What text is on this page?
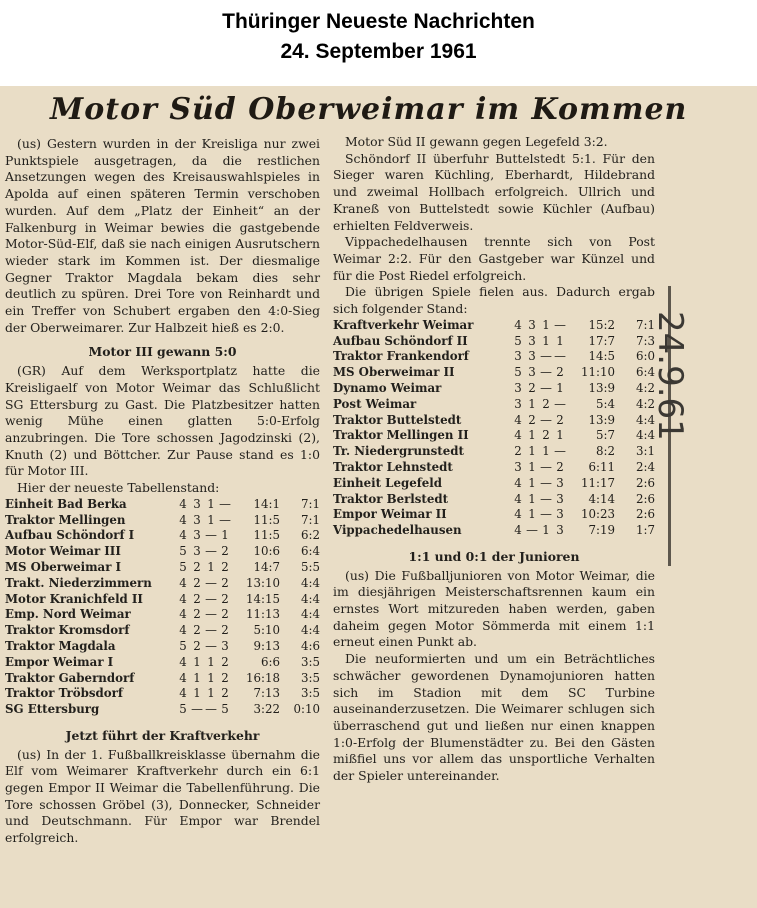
Thüringer Neueste Nachrichten
24. September 1961
Motor Süd Oberweimar im Kommen

(us) Gestern wurden in der Kreisliga nur zwei Punktspiele ausgetragen, da die restlichen Ansetzungen wegen des Kreisauswahlspieles in Apolda auf einen späteren Termin verschoben wurden. Auf dem „Platz der Einheit“ an der Falkenburg in Weimar bewies die gastgebende Motor-Süd-Elf, daß sie nach einigen Ausrutschern wieder stark im Kommen ist. Der diesmalige Gegner Traktor Magdala bekam dies sehr deutlich zu spüren. Drei Tore von Reinhardt und ein Treffer von Schubert ergaben den 4:0-Sieg der Oberweimarer. Zur Halbzeit hieß es 2:0.

Motor III gewann 5:0

(GR) Auf dem Werksportplatz hatte die Kreisligaelf von Motor Weimar das Schlußlicht SG Ettersburg zu Gast. Die Platzbesitzer hatten wenig Mühe einen glatten 5:0-Erfolg anzubringen. Die Tore schossen Jagodzinski (2), Knuth (2) und Böttcher. Zur Pause stand es 1:0 für Motor III.

Hier der neueste Tabellenstand:

Einheit Bad Berka	4	3	1	—	14:1	7:1
Traktor Mellingen	4	3	1	—	11:5	7:1
Aufbau Schöndorf I	4	3	—	1	11:5	6:2
Motor Weimar III	5	3	—	2	10:6	6:4
MS Oberweimar I	5	2	1	2	14:7	5:5
Trakt. Niederzimmern	4	2	—	2	13:10	4:4
Motor Kranichfeld II	4	2	—	2	14:15	4:4
Emp. Nord Weimar	4	2	—	2	11:13	4:4
Traktor Kromsdorf	4	2	—	2	5:10	4:4
Traktor Magdala	5	2	—	3	9:13	4:6
Empor Weimar I	4	1	1	2	6:6	3:5
Traktor Gaberndorf	4	1	1	2	16:18	3:5
Traktor Tröbsdorf	4	1	1	2	7:13	3:5
SG Ettersburg	5	—	—	5	3:22	0:10
Jetzt führt der Kraftverkehr

(us) In der 1. Fußballkreisklasse übernahm die Elf vom Weimarer Kraftverkehr durch ein 6:1 gegen Empor II Weimar die Tabellenführung. Die Tore schossen Gröbel (3), Donnecker, Schneider und Deutschmann. Für Empor war Brendel erfolgreich.

Motor Süd II gewann gegen Legefeld 3:2.

Schöndorf II überfuhr Buttelstedt 5:1. Für den Sieger waren Küchling, Eberhardt, Hildebrand und zweimal Hollbach erfolgreich. Ullrich und Kraneß von Buttelstedt sowie Küchler (Aufbau) erhielten Feldverweis.

Vippachedelhausen trennte sich von Post Weimar 2:2. Für den Gastgeber war Künzel und für die Post Riedel erfolgreich.

Die übrigen Spiele fielen aus. Dadurch ergab sich folgender Stand:

Kraftverkehr Weimar	4	3	1	—	15:2	7:1
Aufbau Schöndorf II	5	3	1	1	17:7	7:3
Traktor Frankendorf	3	3	—	—	14:5	6:0
MS Oberweimar II	5	3	—	2	11:10	6:4
Dynamo Weimar	3	2	—	1	13:9	4:2
Post Weimar	3	1	2	—	5:4	4:2
Traktor Buttelstedt	4	2	—	2	13:9	4:4
Traktor Mellingen II	4	1	2	1	5:7	4:4
Tr. Niedergrunstedt	2	1	1	—	8:2	3:1
Traktor Lehnstedt	3	1	—	2	6:11	2:4
Einheit Legefeld	4	1	—	3	11:17	2:6
Traktor Berlstedt	4	1	—	3	4:14	2:6
Empor Weimar II	4	1	—	3	10:23	2:6
Vippachedelhausen	4	—	1	3	7:19	1:7
1:1 und 0:1 der Junioren

(us) Die Fußballjunioren von Motor Weimar, die im diesjährigen Meisterschaftsrennen kaum ein ernstes Wort mitzureden haben werden, gaben daheim gegen Motor Sömmerda mit einem 1:1 erneut einen Punkt ab.

Die neuformierten und um ein Beträchtliches schwächer gewordenen Dynamojunioren hatten sich im Stadion mit dem SC Turbine auseinanderzusetzen. Die Weimarer schlugen sich überraschend gut und ließen nur einen knappen 1:0-Erfolg der Blumenstädter zu. Bei den Gästen mißfiel uns vor allem das unsportliche Verhalten der Spieler untereinander.

24.9.61
